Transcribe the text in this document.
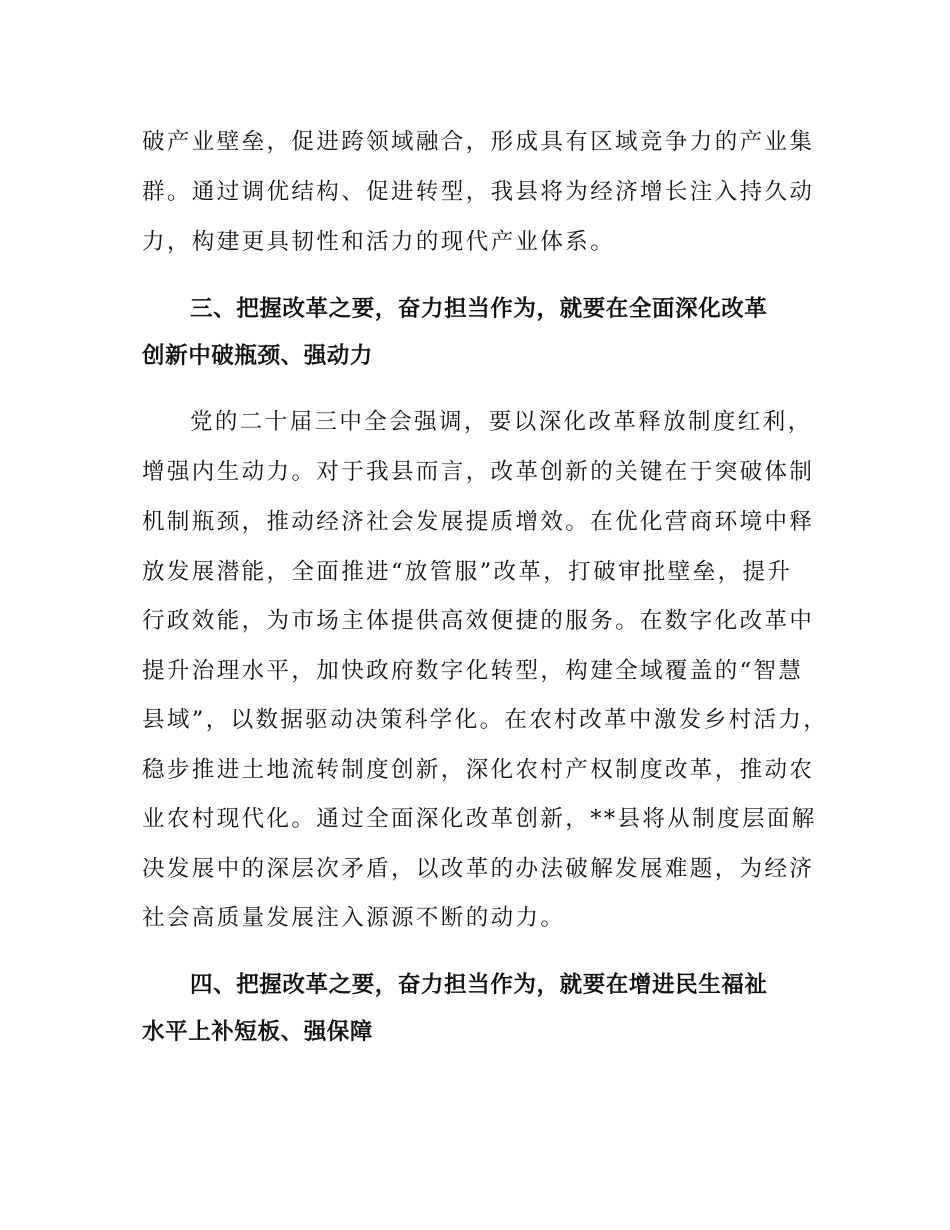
破产业壁垒，促进跨领域融合，形成具有区域竞争力的产业集
群。通过调优结构、促进转型，我县将为经济增长注入持久动
力，构建更具韧性和活力的现代产业体系。
三、把握改革之要，奋力担当作为，就要在全面深化改革
创新中破瓶颈、强动力
党的二十届三中全会强调，要以深化改革释放制度红利，
增强内生动力。对于我县而言，改革创新的关键在于突破体制
机制瓶颈，推动经济社会发展提质增效。在优化营商环境中释
放发展潜能，全面推进“放管服”改革，打破审批壁垒，提升
行政效能，为市场主体提供高效便捷的服务。在数字化改革中
提升治理水平，加快政府数字化转型，构建全域覆盖的“智慧
县域”，以数据驱动决策科学化。在农村改革中激发乡村活力，
稳步推进土地流转制度创新，深化农村产权制度改革，推动农
业农村现代化。通过全面深化改革创新，**县将从制度层面解
决发展中的深层次矛盾，以改革的办法破解发展难题，为经济
社会高质量发展注入源源不断的动力。
四、把握改革之要，奋力担当作为，就要在增进民生福祉
水平上补短板、强保障
